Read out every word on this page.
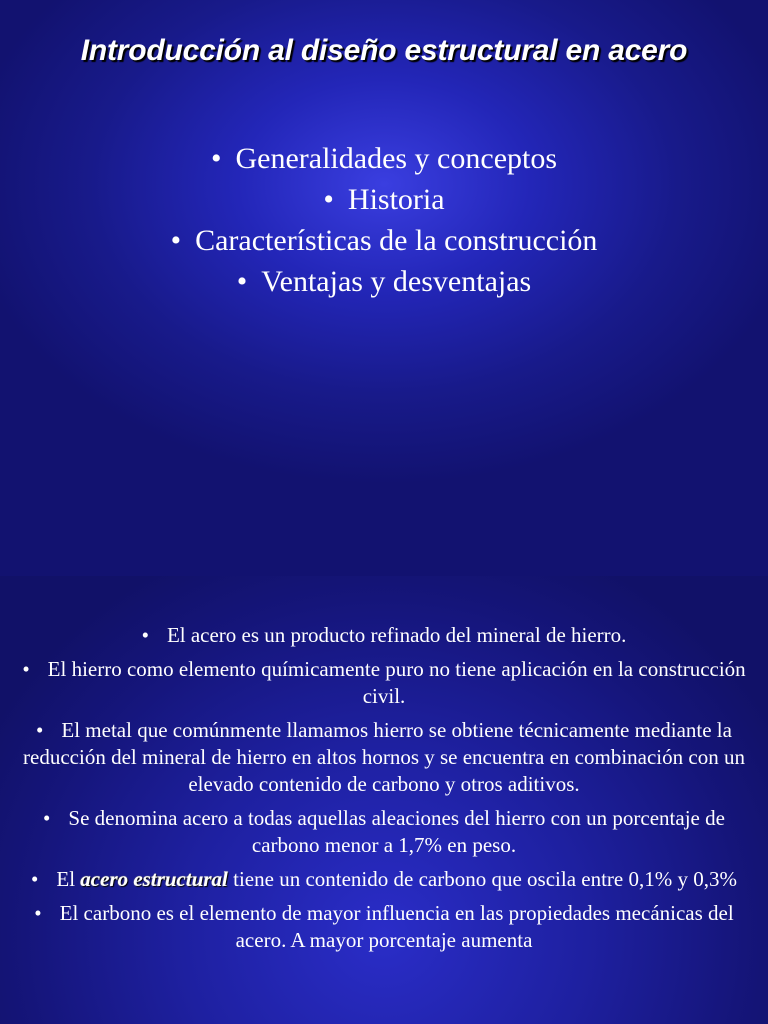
Introducción al diseño estructural en acero
• Generalidades y conceptos
• Historia
• Características de la construcción
• Ventajas y desventajas
• El acero es un producto refinado del mineral de hierro.
• El hierro como elemento químicamente puro no tiene aplicación en la construcción civil.
• El metal que comúnmente llamamos hierro se obtiene técnicamente mediante la reducción del mineral de hierro en altos hornos y se encuentra en combinación con un elevado contenido de carbono y otros aditivos.
• Se denomina acero a todas aquellas aleaciones del hierro con un porcentaje de carbono menor a 1,7% en peso.
• El acero estructural tiene un contenido de carbono que oscila entre 0,1% y 0,3%
• El carbono es el elemento de mayor influencia en las propiedades mecánicas del acero. A mayor porcentaje aumenta
